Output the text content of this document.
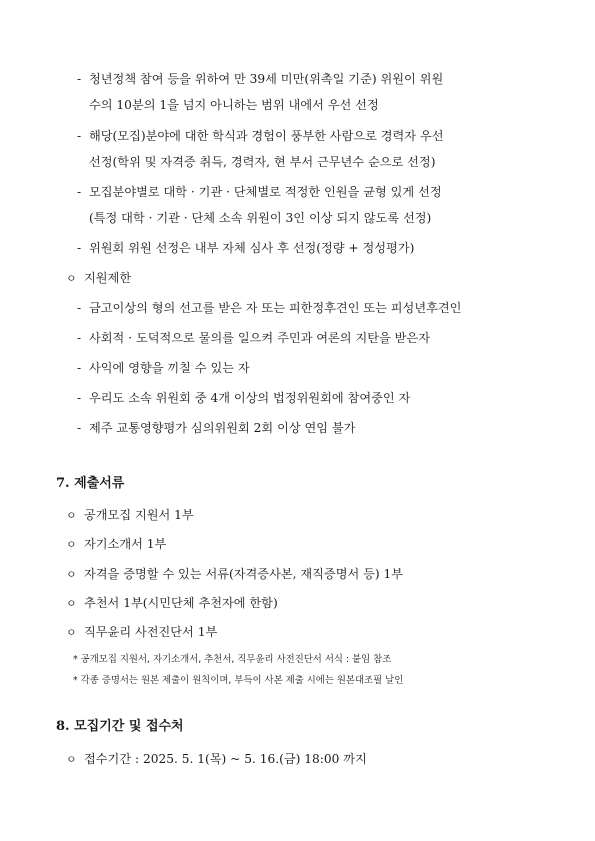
- 청년정책 참여 등을 위하여 만 39세 미만(위촉일 기준) 위원이 위원
수의 10분의 1을 넘지 아니하는 범위 내에서 우선 선정
- 해당(모집)분야에 대한 학식과 경험이 풍부한 사람으로 경력자 우선
선정(학위 및 자격증 취득, 경력자, 현 부서 근무년수 순으로 선정)
- 모집분야별로 대학 · 기관 · 단체별로 적정한 인원을 균형 있게 선정
(특정 대학 · 기관 · 단체 소속 위원이 3인 이상 되지 않도록 선정)
- 위원회 위원 선정은 내부 자체 심사 후 선정(정량 + 정성평가)
ㅇ 지원제한
- 금고이상의 형의 선고를 받은 자 또는 피한정후견인 또는 피성년후견인
- 사회적 · 도덕적으로 물의를 일으켜 주민과 여론의 지탄을 받은자
- 사익에 영향을 끼칠 수 있는 자
- 우리도 소속 위원회 중 4개 이상의 법정위원회에 참여중인 자
- 제주 교통영향평가 심의위원회 2회 이상 연임 불가
7. 제출서류
ㅇ 공개모집 지원서 1부
ㅇ 자기소개서 1부
ㅇ 자격을 증명할 수 있는 서류(자격증사본, 재직증명서 등) 1부
ㅇ 추천서 1부(시민단체 추천자에 한함)
ㅇ 직무윤리 사전진단서 1부
* 공개모집 지원서, 자기소개서, 추천서, 직무윤리 사전진단서 서식 : 붙임 참조
* 각종 증명서는 원본 제출이 원칙이며, 부득이 사본 제출 시에는 원본대조필 날인
8. 모집기간 및 접수처
ㅇ 접수기간 : 2025. 5. 1(목) ~ 5. 16.(금) 18:00 까지
